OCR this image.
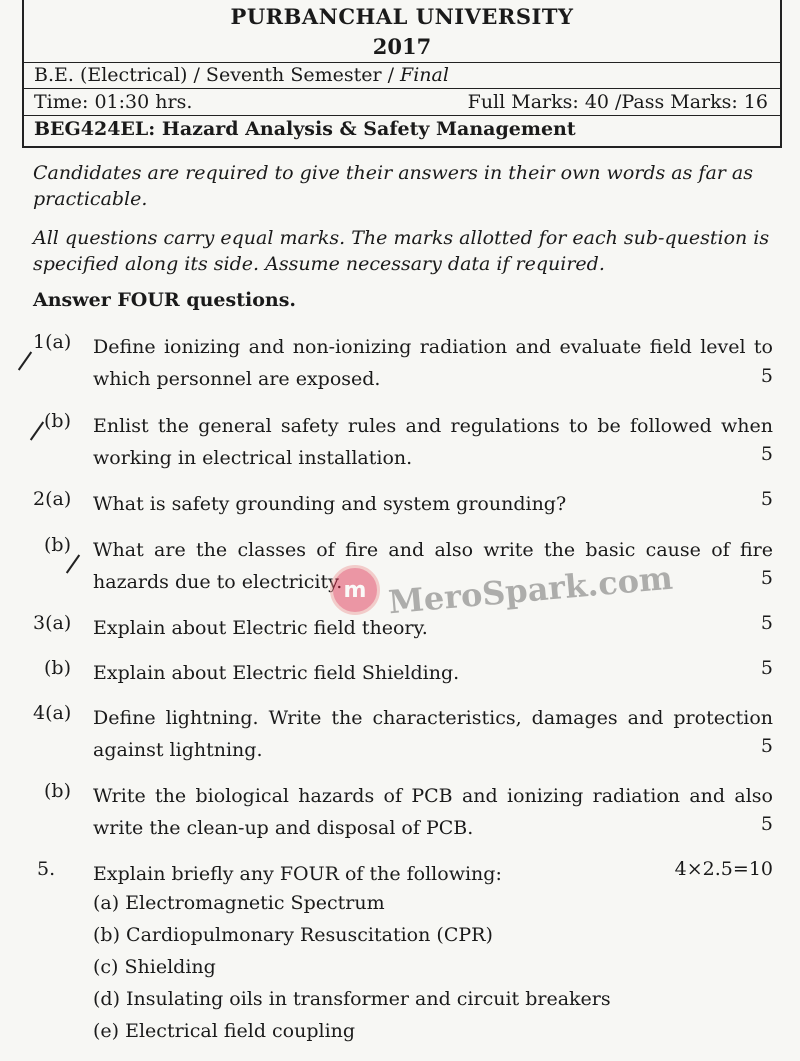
PURBANCHAL UNIVERSITY
2017
B.E. (Electrical) / Seventh Semester / Final
Time: 01:30 hrs.	Full Marks: 40 /Pass Marks: 16
BEG424EL: Hazard Analysis & Safety Management
Candidates are required to give their answers in their own words as far as practicable.
All questions carry equal marks. The marks allotted for each sub-question is specified along its side. Assume necessary data if required.
Answer FOUR questions.
1(a) Define ionizing and non-ionizing radiation and evaluate field level to which personnel are exposed.	5
(b) Enlist the general safety rules and regulations to be followed when working in electrical installation.	5
2(a) What is safety grounding and system grounding?	5
(b) What are the classes of fire and also write the basic cause of fire hazards due to electricity.	5
3(a) Explain about Electric field theory.	5
(b) Explain about Electric field Shielding.	5
4(a) Define lightning. Write the characteristics, damages and protection against lightning.	5
(b) Write the biological hazards of PCB and ionizing radiation and also write the clean-up and disposal of PCB.	5
5. Explain briefly any FOUR of the following:	4×2.5=10
(a) Electromagnetic Spectrum
(b) Cardiopulmonary Resuscitation (CPR)
(c) Shielding
(d) Insulating oils in transformer and circuit breakers
(e) Electrical field coupling
m MeroSpark.com
